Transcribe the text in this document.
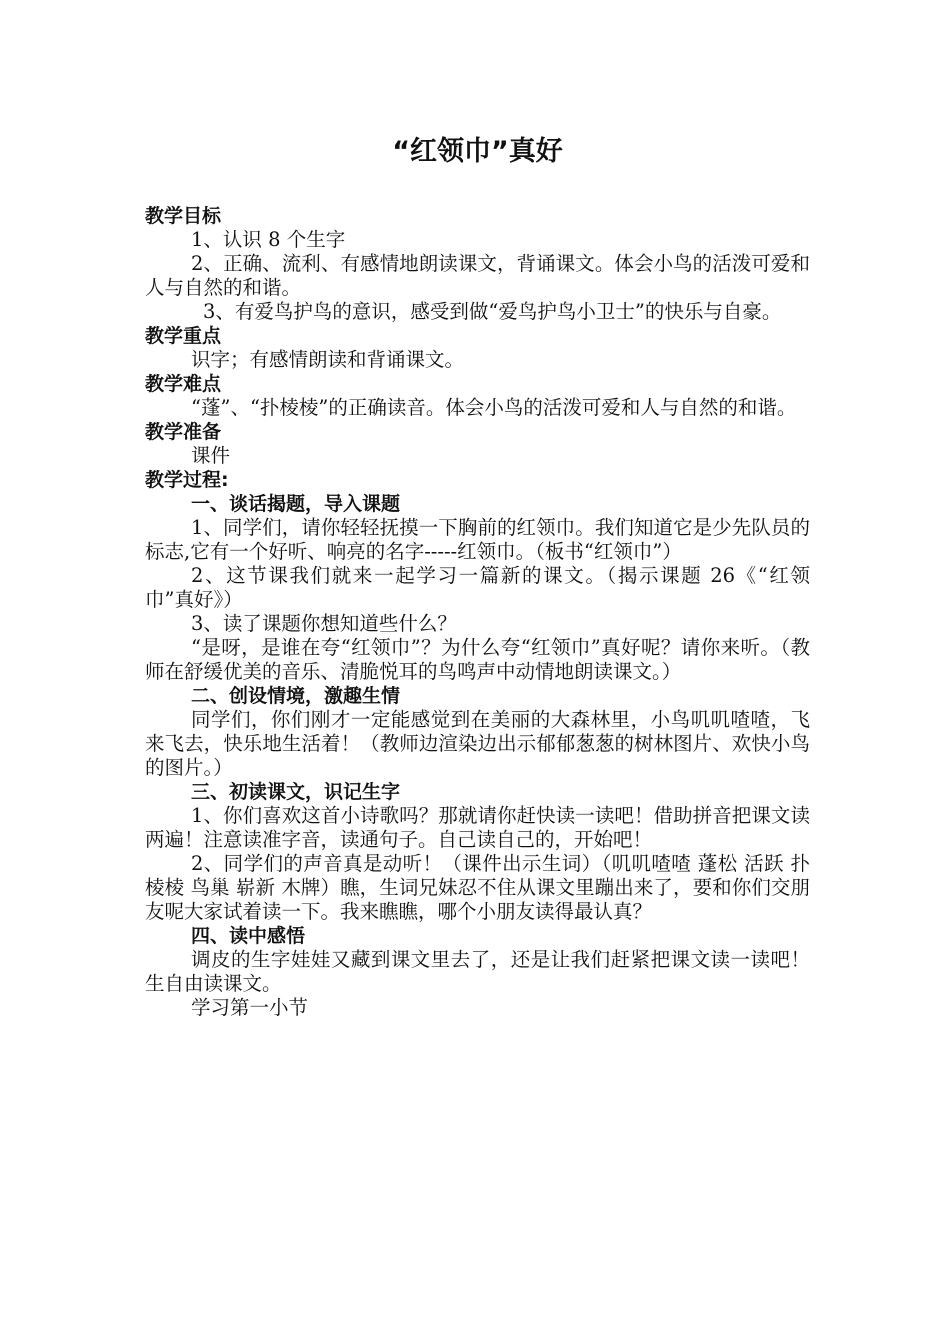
“红领巾”真好

教学目标

1、认识 8 个生字

2、正确、流利、有感情地朗读课文，背诵课文。体会小鸟的活泼可爱和人与自然的和谐。

3、有爱鸟护鸟的意识，感受到做“爱鸟护鸟小卫士”的快乐与自豪。

教学重点

识字；有感情朗读和背诵课文。

教学难点

“蓬”、“扑棱棱”的正确读音。体会小鸟的活泼可爱和人与自然的和谐。

教学准备

课件

教学过程:

一、谈话揭题，导入课题

1、同学们，请你轻轻抚摸一下胸前的红领巾。我们知道它是少先队员的标志,它有一个好听、响亮的名字-----红领巾。（板书“红领巾”）

2、这节课我们就来一起学习一篇新的课文。（揭示课题 26《“红领巾”真好》）

3、读了课题你想知道些什么？

“是呀，是谁在夸“红领巾”？为什么夸“红领巾”真好呢？请你来听。（教师在舒缓优美的音乐、清脆悦耳的鸟鸣声中动情地朗读课文。）

二、创设情境，激趣生情

同学们，你们刚才一定能感觉到在美丽的大森林里，小鸟叽叽喳喳，飞来飞去，快乐地生活着！（教师边渲染边出示郁郁葱葱的树林图片、欢快小鸟的图片。）

三、初读课文，识记生字

1、你们喜欢这首小诗歌吗？那就请你赶快读一读吧！借助拼音把课文读两遍！注意读准字音，读通句子。自己读自己的，开始吧！

2、同学们的声音真是动听！（课件出示生词）（叽叽喳喳 蓬松 活跃 扑棱棱 鸟巢 崭新 木牌）瞧，生词兄妹忍不住从课文里蹦出来了，要和你们交朋友呢大家试着读一下。我来瞧瞧，哪个小朋友读得最认真？

四、读中感悟

调皮的生字娃娃又藏到课文里去了，还是让我们赶紧把课文读一读吧！生自由读课文。

学习第一小节
